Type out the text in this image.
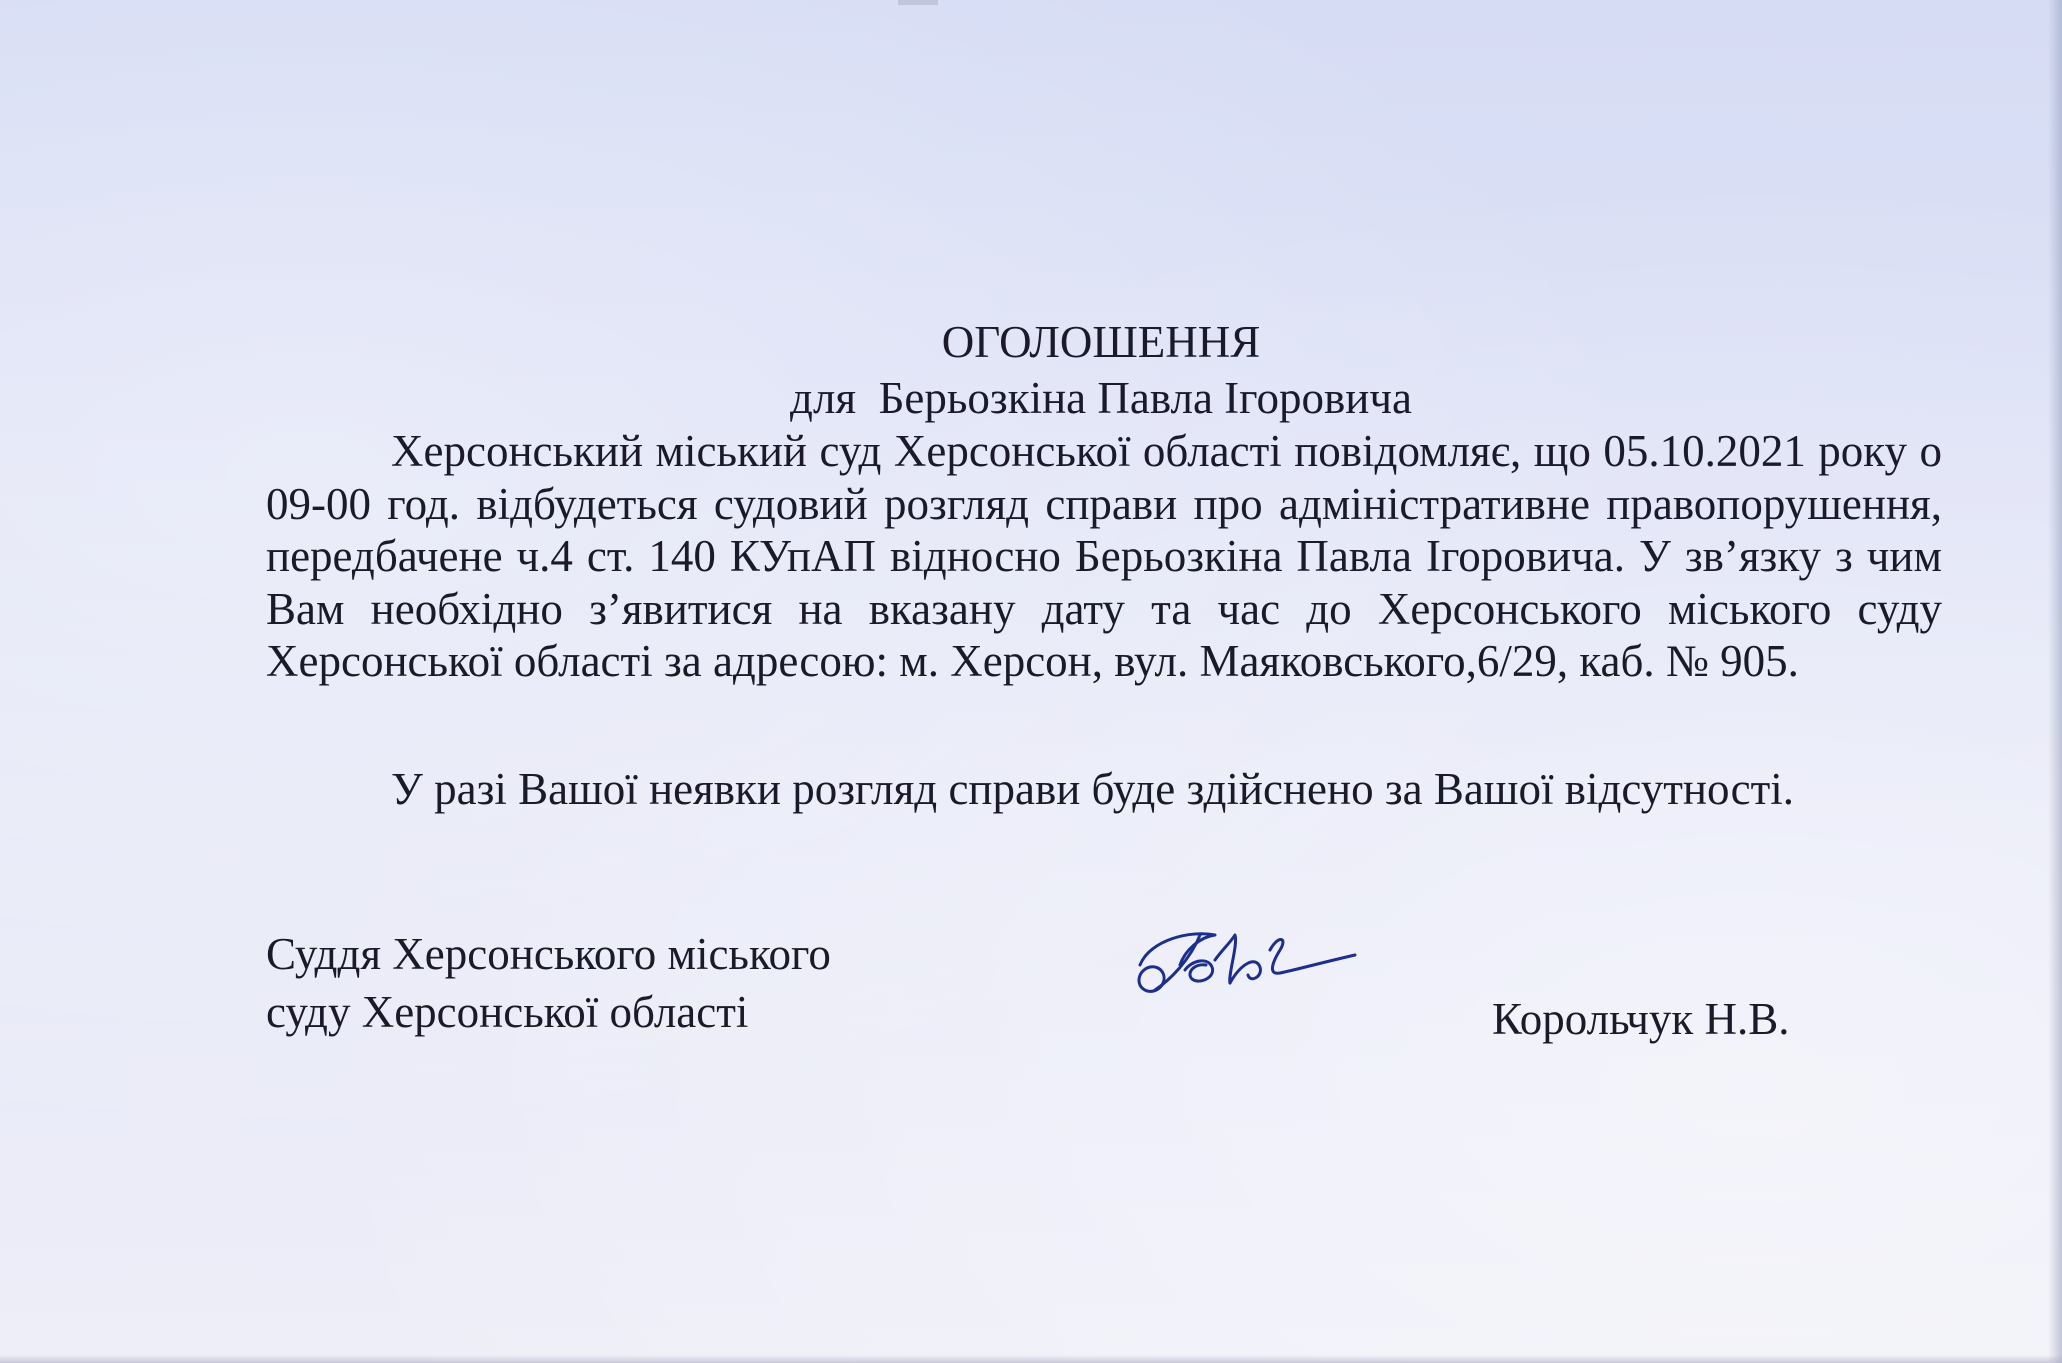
ОГОЛОШЕННЯ
для  Берьозкіна Павла Ігоровича

Херсонський міський суд Херсонської області повідомляє, що 05.10.2021 року о 09-00 год. відбудеться судовий розгляд справи про адміністративне правопорушення, передбачене ч.4 ст. 140 КУпАП відносно Берьозкіна Павла Ігоровича. У зв’язку з чим Вам необхідно з’явитися на вказану дату та час до Херсонського міського суду Херсонської області за адресою: м. Херсон, вул. Маяковського,6/29, каб. № 905.

У разі Вашої неявки розгляд справи буде здійснено за Вашої відсутності.

Суддя Херсонського міського
суду Херсонської області	Корольчук Н.В.
